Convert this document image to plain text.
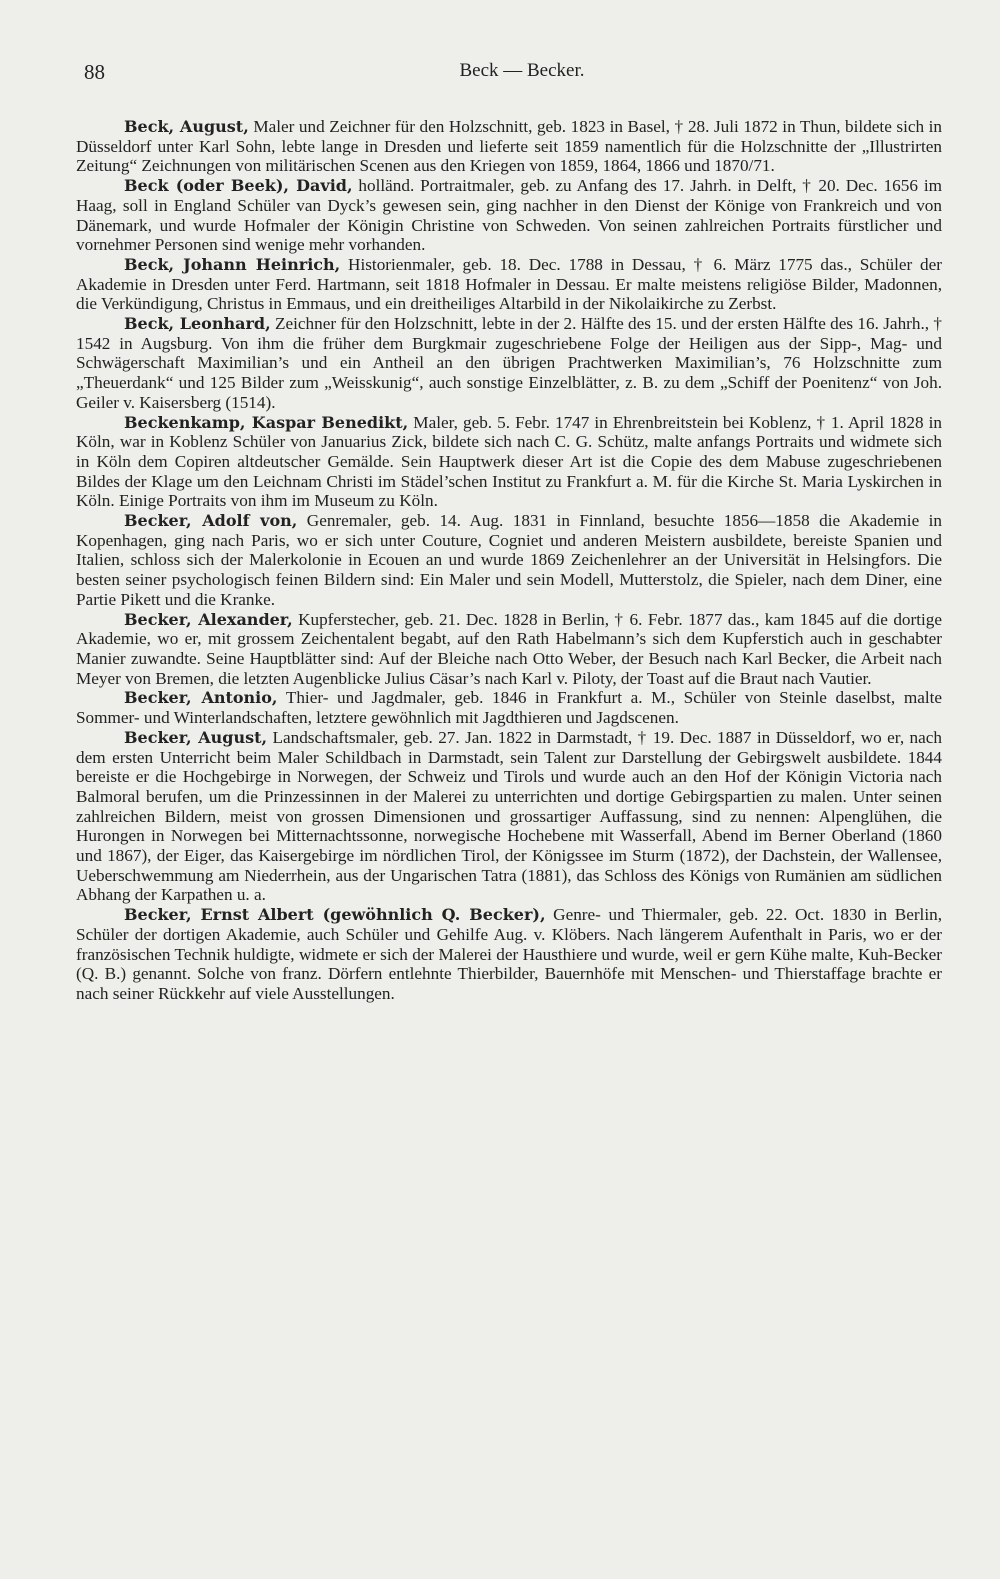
88	Beck — Becker.

Beck, August, Maler und Zeichner für den Holzschnitt, geb. 1823 in Basel, † 28. Juli 1872 in Thun, bildete sich in Düsseldorf unter Karl Sohn, lebte lange in Dresden und lieferte seit 1859 namentlich für die Holzschnitte der „Illustrirten Zeitung“ Zeichnungen von militärischen Scenen aus den Kriegen von 1859, 1864, 1866 und 1870/71.

Beck (oder Beek), David, holländ. Portraitmaler, geb. zu Anfang des 17. Jahrh. in Delft, † 20. Dec. 1656 im Haag, soll in England Schüler van Dyck’s gewesen sein, ging nachher in den Dienst der Könige von Frankreich und von Dänemark, und wurde Hofmaler der Königin Christine von Schweden. Von seinen zahlreichen Portraits fürstlicher und vornehmer Personen sind wenige mehr vorhanden.

Beck, Johann Heinrich, Historienmaler, geb. 18. Dec. 1788 in Dessau, † 6. März 1775 das., Schüler der Akademie in Dresden unter Ferd. Hartmann, seit 1818 Hofmaler in Dessau. Er malte meistens religiöse Bilder, Madonnen, die Verkündigung, Christus in Emmaus, und ein dreitheiliges Altarbild in der Nikolaikirche zu Zerbst.

Beck, Leonhard, Zeichner für den Holzschnitt, lebte in der 2. Hälfte des 15. und der ersten Hälfte des 16. Jahrh., † 1542 in Augsburg. Von ihm die früher dem Burgkmair zugeschriebene Folge der Heiligen aus der Sipp-, Mag- und Schwägerschaft Maximilian’s und ein Antheil an den übrigen Prachtwerken Maximilian’s, 76 Holzschnitte zum „Theuerdank“ und 125 Bilder zum „Weisskunig“, auch sonstige Einzelblätter, z. B. zu dem „Schiff der Poenitenz“ von Joh. Geiler v. Kaisersberg (1514).

Beckenkamp, Kaspar Benedikt, Maler, geb. 5. Febr. 1747 in Ehrenbreitstein bei Koblenz, † 1. April 1828 in Köln, war in Koblenz Schüler von Januarius Zick, bildete sich nach C. G. Schütz, malte anfangs Portraits und widmete sich in Köln dem Copiren altdeutscher Gemälde. Sein Hauptwerk dieser Art ist die Copie des dem Mabuse zugeschriebenen Bildes der Klage um den Leichnam Christi im Städel’schen Institut zu Frankfurt a. M. für die Kirche St. Maria Lyskirchen in Köln. Einige Portraits von ihm im Museum zu Köln.

Becker, Adolf von, Genremaler, geb. 14. Aug. 1831 in Finnland, besuchte 1856—1858 die Akademie in Kopenhagen, ging nach Paris, wo er sich unter Couture, Cogniet und anderen Meistern ausbildete, bereiste Spanien und Italien, schloss sich der Malerkolonie in Ecouen an und wurde 1869 Zeichenlehrer an der Universität in Helsingfors. Die besten seiner psychologisch feinen Bildern sind: Ein Maler und sein Modell, Mutterstolz, die Spieler, nach dem Diner, eine Partie Pikett und die Kranke.

Becker, Alexander, Kupferstecher, geb. 21. Dec. 1828 in Berlin, † 6. Febr. 1877 das., kam 1845 auf die dortige Akademie, wo er, mit grossem Zeichentalent begabt, auf den Rath Habelmann’s sich dem Kupferstich auch in geschabter Manier zuwandte. Seine Hauptblätter sind: Auf der Bleiche nach Otto Weber, der Besuch nach Karl Becker, die Arbeit nach Meyer von Bremen, die letzten Augenblicke Julius Cäsar’s nach Karl v. Piloty, der Toast auf die Braut nach Vautier.

Becker, Antonio, Thier- und Jagdmaler, geb. 1846 in Frankfurt a. M., Schüler von Steinle daselbst, malte Sommer- und Winterlandschaften, letztere gewöhnlich mit Jagdthieren und Jagdscenen.

Becker, August, Landschaftsmaler, geb. 27. Jan. 1822 in Darmstadt, † 19. Dec. 1887 in Düsseldorf, wo er, nach dem ersten Unterricht beim Maler Schildbach in Darmstadt, sein Talent zur Darstellung der Gebirgswelt ausbildete. 1844 bereiste er die Hochgebirge in Norwegen, der Schweiz und Tirols und wurde auch an den Hof der Königin Victoria nach Balmoral berufen, um die Prinzessinnen in der Malerei zu unterrichten und dortige Gebirgspartien zu malen. Unter seinen zahlreichen Bildern, meist von grossen Dimensionen und grossartiger Auffassung, sind zu nennen: Alpenglühen, die Hurongen in Norwegen bei Mitternachtssonne, norwegische Hochebene mit Wasserfall, Abend im Berner Oberland (1860 und 1867), der Eiger, das Kaisergebirge im nördlichen Tirol, der Königssee im Sturm (1872), der Dachstein, der Wallensee, Ueberschwemmung am Niederrhein, aus der Ungarischen Tatra (1881), das Schloss des Königs von Rumänien am südlichen Abhang der Karpathen u. a.

Becker, Ernst Albert (gewöhnlich Q. Becker), Genre- und Thiermaler, geb. 22. Oct. 1830 in Berlin, Schüler der dortigen Akademie, auch Schüler und Gehilfe Aug. v. Klöbers. Nach längerem Aufenthalt in Paris, wo er der französischen Technik huldigte, widmete er sich der Malerei der Hausthiere und wurde, weil er gern Kühe malte, Kuh-Becker (Q. B.) genannt. Solche von franz. Dörfern entlehnte Thierbilder, Bauernhöfe mit Menschen- und Thierstaffage brachte er nach seiner Rückkehr auf viele Ausstellungen.
